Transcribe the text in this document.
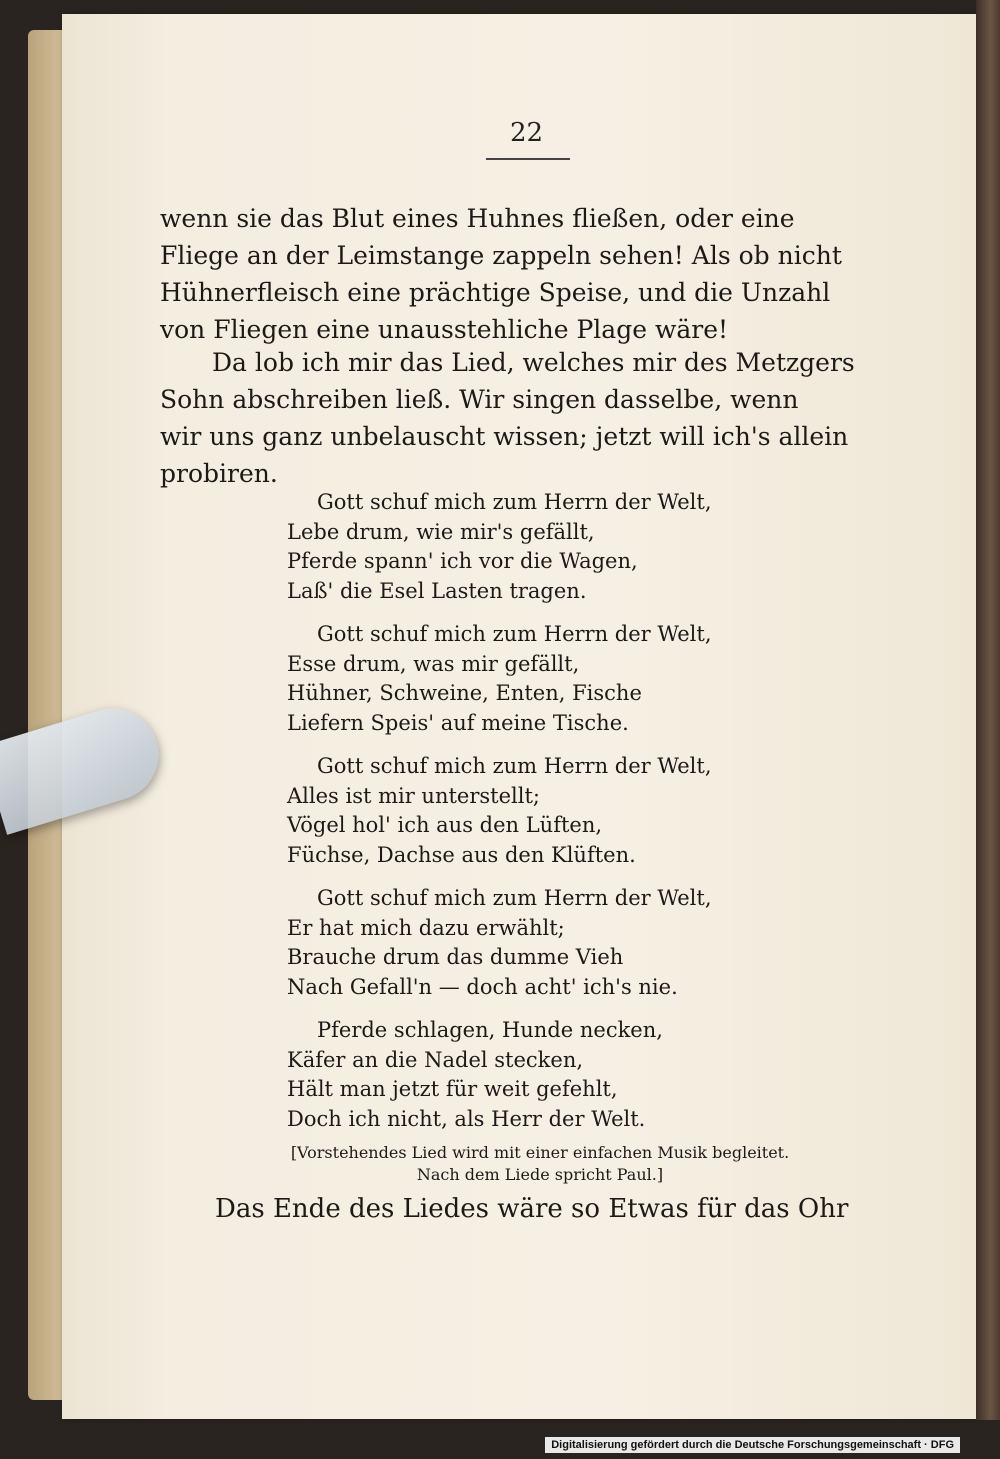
22
wenn sie das Blut eines Huhnes fließen, oder eine
Fliege an der Leimstange zappeln sehen! Als ob nicht
Hühnerfleisch eine prächtige Speise, und die Unzahl
von Fliegen eine unausstehliche Plage wäre!
Da lob ich mir das Lied, welches mir des Metzgers
Sohn abschreiben ließ. Wir singen dasselbe, wenn
wir uns ganz unbelauscht wissen; jetzt will ich's allein
probiren.
Gott schuf mich zum Herrn der Welt,
Lebe drum, wie mir's gefällt,
Pferde spann' ich vor die Wagen,
Laß' die Esel Lasten tragen.
Gott schuf mich zum Herrn der Welt,
Esse drum, was mir gefällt,
Hühner, Schweine, Enten, Fische
Liefern Speis' auf meine Tische.
Gott schuf mich zum Herrn der Welt,
Alles ist mir unterstellt;
Vögel hol' ich aus den Lüften,
Füchse, Dachse aus den Klüften.
Gott schuf mich zum Herrn der Welt,
Er hat mich dazu erwählt;
Brauche drum das dumme Vieh
Nach Gefall'n — doch acht' ich's nie.
Pferde schlagen, Hunde necken,
Käfer an die Nadel stecken,
Hält man jetzt für weit gefehlt,
Doch ich nicht, als Herr der Welt.
[Vorstehendes Lied wird mit einer einfachen Musik begleitet.
Nach dem Liede spricht Paul.]
Das Ende des Liedes wäre so Etwas für das Ohr
Digitalisierung gefördert durch die Deutsche Forschungsgemeinschaft · DFG
